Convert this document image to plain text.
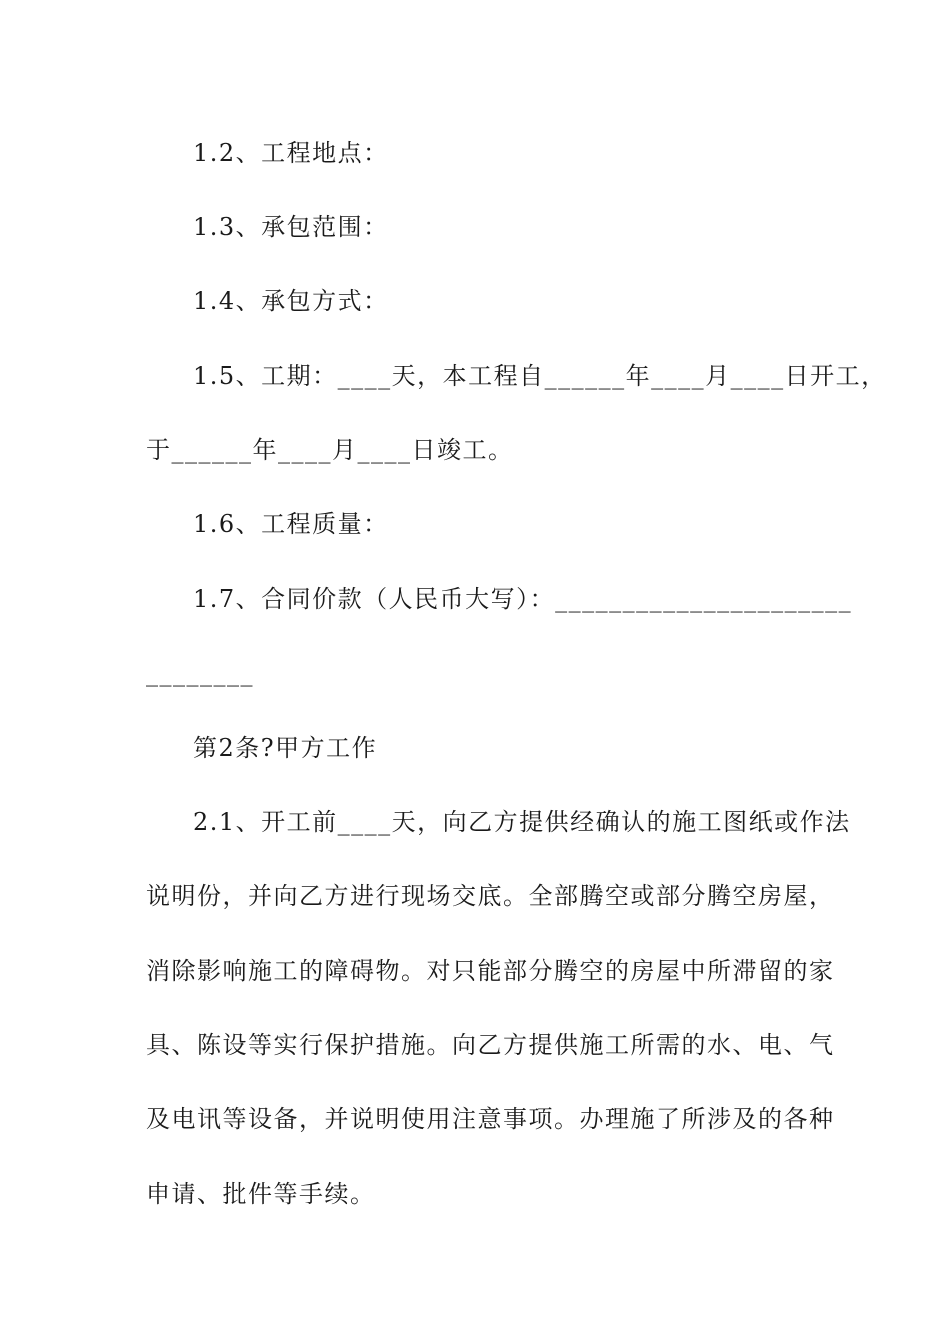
1.2、工程地点：
1.3、承包范围：
1.4、承包方式：
1.5、工期：____天，本工程自______年____月____日开工，
于______年____月____日竣工。
1.6、工程质量：
1.7、合同价款（人民币大写）：______________________
________
第2条?甲方工作
2.1、开工前____天，向乙方提供经确认的施工图纸或作法
说明份，并向乙方进行现场交底。全部腾空或部分腾空房屋，
消除影响施工的障碍物。对只能部分腾空的房屋中所滞留的家
具、陈设等实行保护措施。向乙方提供施工所需的水、电、气
及电讯等设备，并说明使用注意事项。办理施了所涉及的各种
申请、批件等手续。
